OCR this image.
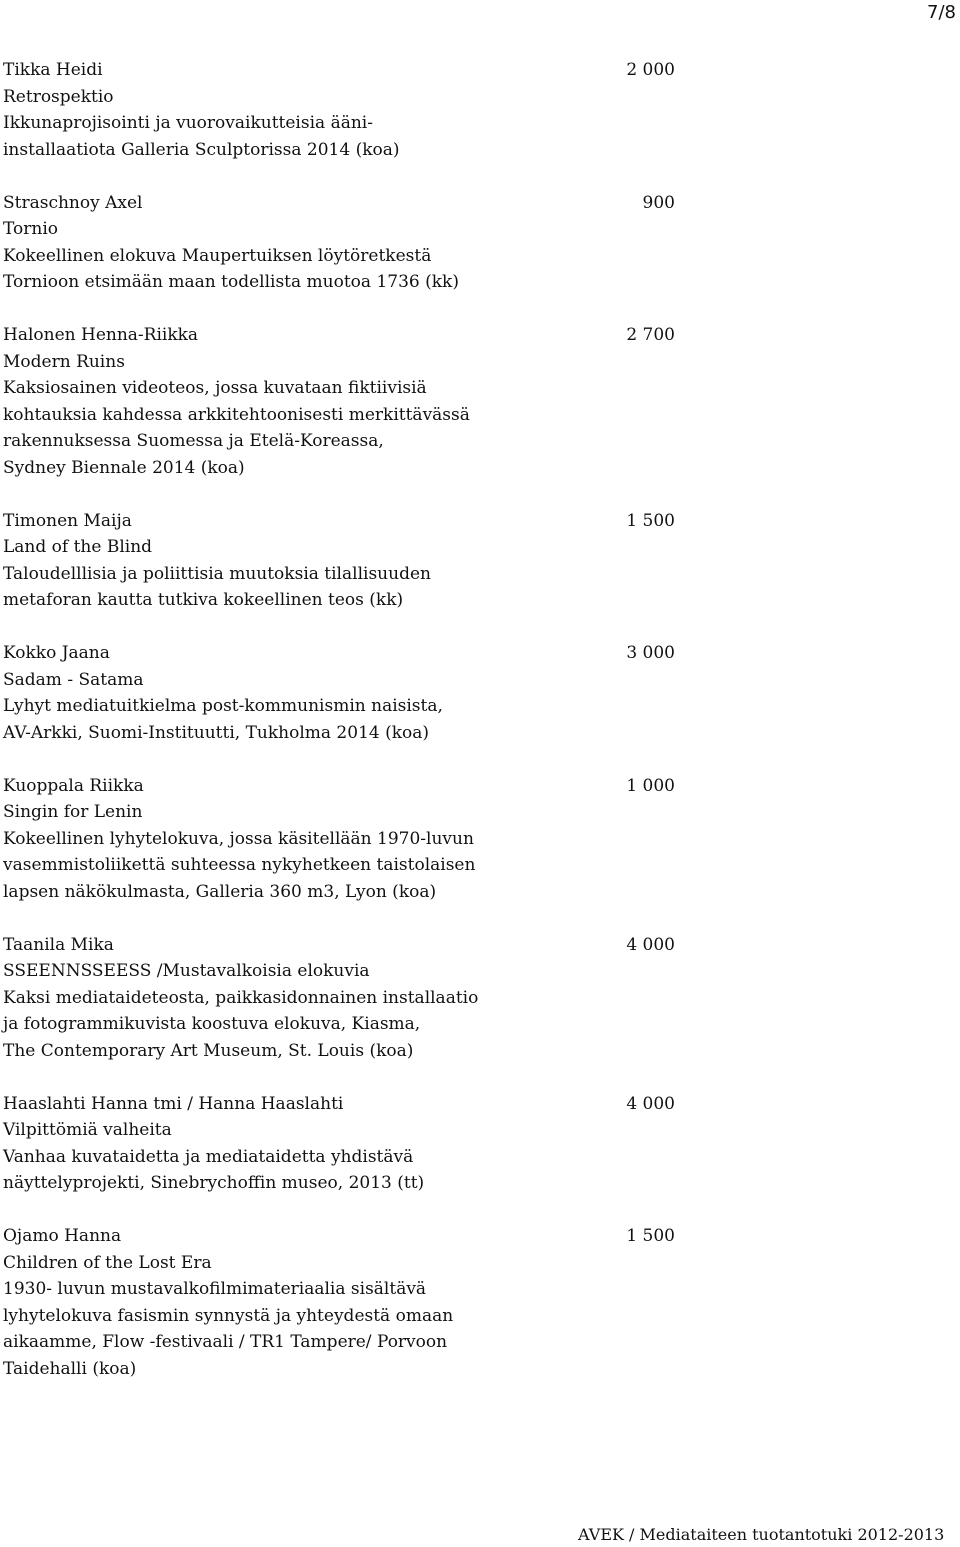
7/8
Tikka Heidi	2 000
Retrospektio
Ikkunaprojisointi ja vuorovaikutteisia ääni-
installaatiota Galleria Sculptorissa 2014 (koa)
Straschnoy Axel	900
Tornio
Kokeellinen elokuva Maupertuiksen löytöretkestä
Tornioon etsimään maan todellista muotoa 1736 (kk)
Halonen Henna-Riikka	2 700
Modern Ruins
Kaksiosainen videoteos, jossa kuvataan fiktiivisiä
kohtauksia kahdessa arkkitehtoonisesti merkittävässä
rakennuksessa Suomessa ja Etelä-Koreassa,
Sydney Biennale 2014 (koa)
Timonen Maija	1 500
Land of the Blind
Taloudelllisia ja poliittisia muutoksia tilallisuuden
metaforan kautta tutkiva kokeellinen teos (kk)
Kokko Jaana	3 000
Sadam - Satama
Lyhyt mediatuitkielma post-kommunismin naisista,
AV-Arkki, Suomi-Instituutti, Tukholma 2014 (koa)
Kuoppala Riikka	1 000
Singin for Lenin
Kokeellinen lyhytelokuva, jossa käsitellään 1970-luvun
vasemmistoliikettä suhteessa nykyhetkeen taistolaisen
lapsen näkökulmasta, Galleria 360 m3, Lyon (koa)
Taanila Mika	4 000
SSEENNSSEESS /Mustavalkoisia elokuvia
Kaksi mediataideteosta, paikkasidonnainen installaatio
ja fotogrammikuvista koostuva elokuva, Kiasma,
The Contemporary Art Museum, St. Louis (koa)
Haaslahti Hanna tmi / Hanna Haaslahti	4 000
Vilpittömiä valheita
Vanhaa kuvataidetta ja mediataidetta yhdistävä
näyttelyprojekti, Sinebrychoffin museo, 2013 (tt)
Ojamo Hanna	1 500
Children of the Lost Era
1930- luvun mustavalkofilmimateriaalia sisältävä
lyhytelokuva fasismin synnystä ja yhteydestä omaan
aikaamme, Flow -festivaali / TR1 Tampere/ Porvoon
Taidehalli (koa)
AVEK / Mediataiteen tuotantotuki 2012-2013
